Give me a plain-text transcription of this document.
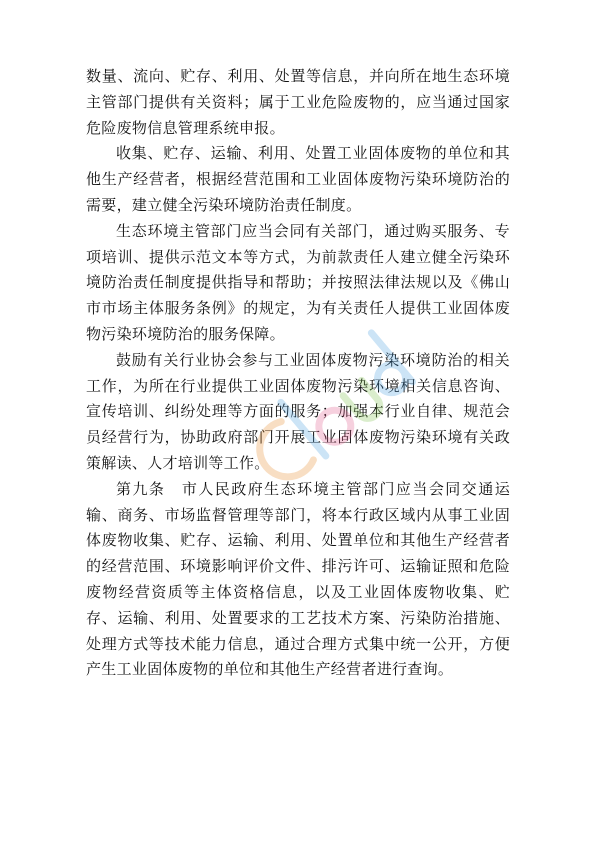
数量、流向、贮存、利用、处置等信息，并向所在地生态环境主管部门提供有关资料；属于工业危险废物的，应当通过国家危险废物信息管理系统申报。

收集、贮存、运输、利用、处置工业固体废物的单位和其他生产经营者，根据经营范围和工业固体废物污染环境防治的需要，建立健全污染环境防治责任制度。

生态环境主管部门应当会同有关部门，通过购买服务、专项培训、提供示范文本等方式，为前款责任人建立健全污染环境防治责任制度提供指导和帮助；并按照法律法规以及《佛山市市场主体服务条例》的规定，为有关责任人提供工业固体废物污染环境防治的服务保障。

鼓励有关行业协会参与工业固体废物污染环境防治的相关工作，为所在行业提供工业固体废物污染环境相关信息咨询、宣传培训、纠纷处理等方面的服务；加强本行业自律、规范会员经营行为，协助政府部门开展工业固体废物污染环境有关政策解读、人才培训等工作。

第九条　市人民政府生态环境主管部门应当会同交通运输、商务、市场监督管理等部门，将本行政区域内从事工业固体废物收集、贮存、运输、利用、处置单位和其他生产经营者的经营范围、环境影响评价文件、排污许可、运输证照和危险废物经营资质等主体资格信息，以及工业固体废物收集、贮存、运输、利用、处置要求的工艺技术方案、污染防治措施、处理方式等技术能力信息，通过合理方式集中统一公开，方便产生工业固体废物的单位和其他生产经营者进行查询。
